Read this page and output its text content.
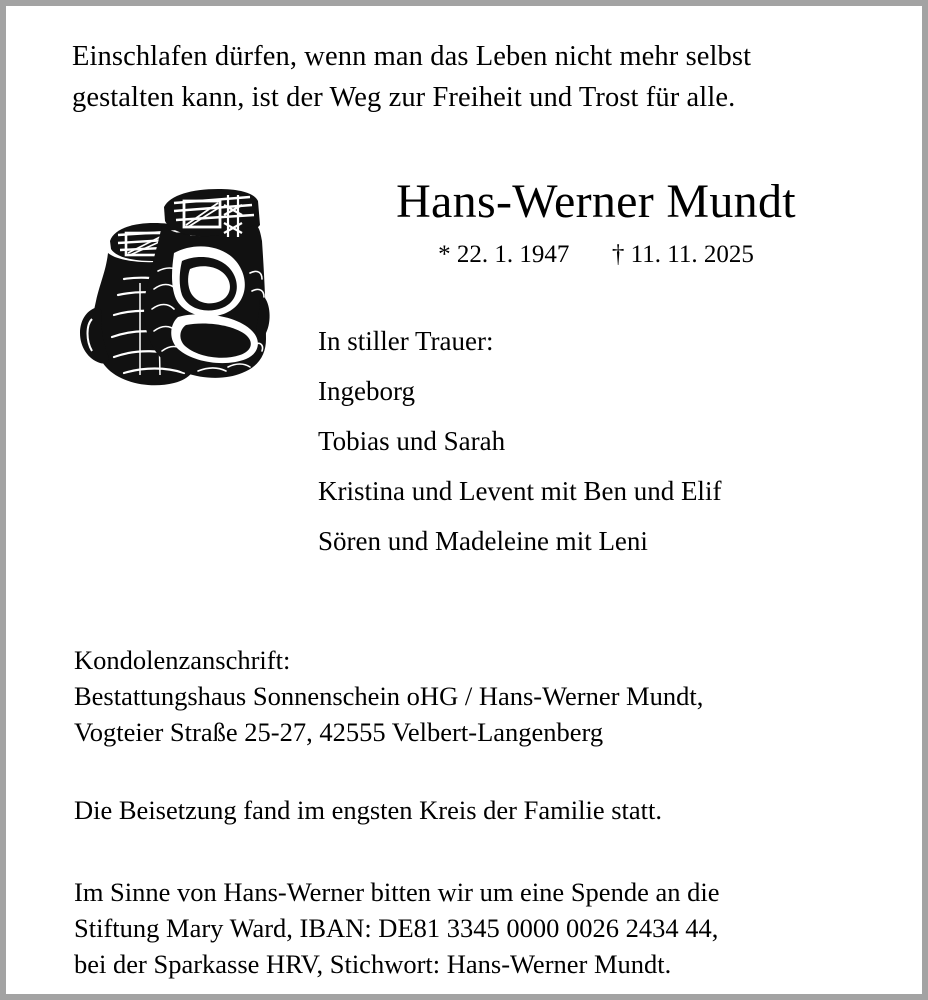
Einschlafen dürfen, wenn man das Leben nicht mehr selbst
gestalten kann, ist der Weg zur Freiheit und Trost für alle.
Hans-Werner Mundt
* 22. 1. 1947 † 11. 11. 2025
In stiller Trauer:
Ingeborg
Tobias und Sarah
Kristina und Levent mit Ben und Elif
Sören und Madeleine mit Leni
Kondolenzanschrift:
Bestattungshaus Sonnenschein oHG / Hans-Werner Mundt,
Vogteier Straße 25-27, 42555 Velbert-Langenberg
Die Beisetzung fand im engsten Kreis der Familie statt.
Im Sinne von Hans-Werner bitten wir um eine Spende an die
Stiftung Mary Ward, IBAN: DE81 3345 0000 0026 2434 44,
bei der Sparkasse HRV, Stichwort: Hans-Werner Mundt.
